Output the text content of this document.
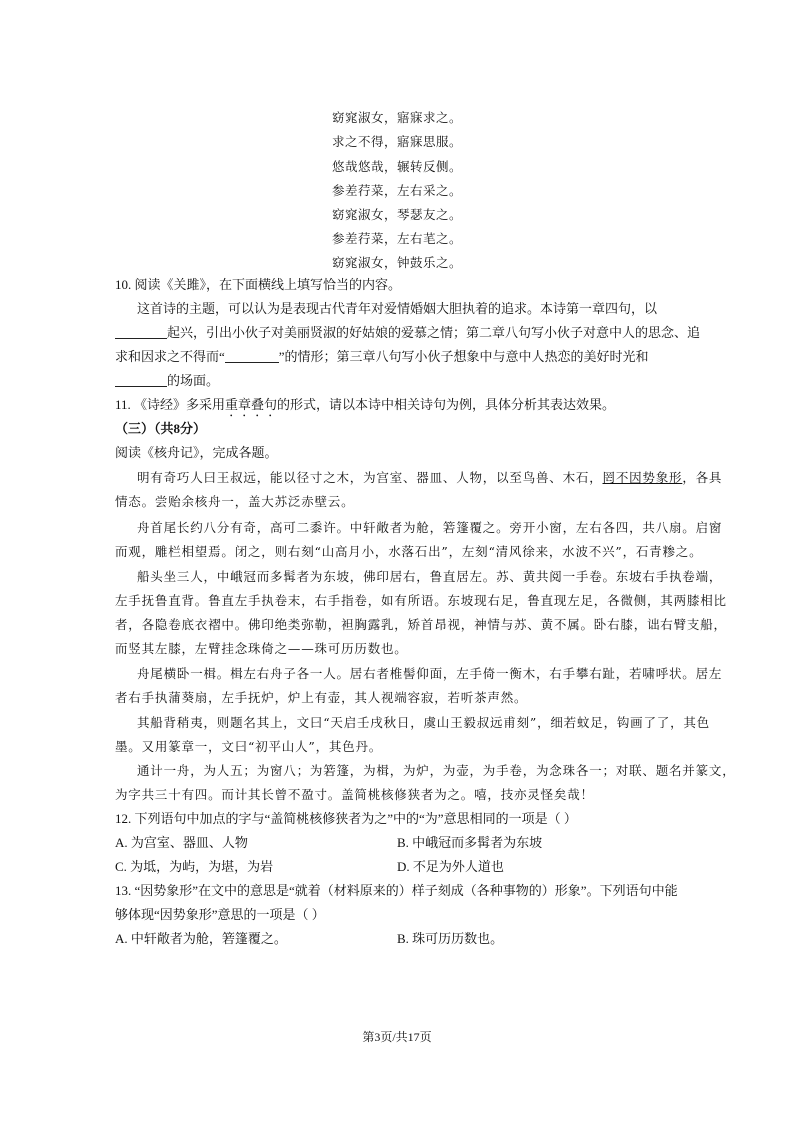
窈窕淑女，寤寐求之。
求之不得，寤寐思服。
悠哉悠哉，辗转反侧。
参差荇菜，左右采之。
窈窕淑女，琴瑟友之。
参差荇菜，左右芼之。
窈窕淑女，钟鼓乐之。
10. 阅读《关雎》，在下面横线上填写恰当的内容。
这首诗的主题，可以认为是表现古代青年对爱情婚姻大胆执着的追求。本诗第一章四句，以
起兴，引出小伙子对美丽贤淑的好姑娘的爱慕之情；第二章八句写小伙子对意中人的思念、追
求和因求之不得而“	”的情形；第三章八句写小伙子想象中与意中人热恋的美好时光和
的场面。
11. 《诗经》多采用重章叠句的形式，请以本诗中相关诗句为例，具体分析其表达效果。
（三）（共8分）
阅读《核舟记》，完成各题。
明有奇巧人曰王叔远，能以径寸之木，为宫室、器皿、人物，以至鸟兽、木石，罔不因势象形，各具
情态。尝贻余核舟一，盖大苏泛赤壁云。
舟首尾长约八分有奇，高可二黍许。中轩敞者为舱，箬篷覆之。旁开小窗，左右各四，共八扇。启窗
而观，雕栏相望焉。闭之，则右刻“山高月小，水落石出”，左刻“清风徐来，水波不兴”，石青糁之。
船头坐三人，中峨冠而多髯者为东坡，佛印居右，鲁直居左。苏、黄共阅一手卷。东坡右手执卷端，
左手抚鲁直背。鲁直左手执卷末，右手指卷，如有所语。东坡现右足，鲁直现左足，各微侧，其两膝相比
者，各隐卷底衣褶中。佛印绝类弥勒，袒胸露乳，矫首昂视，神情与苏、黄不属。卧右膝，诎右臂支船，
而竖其左膝，左臂挂念珠倚之——珠可历历数也。
舟尾横卧一楫。楫左右舟子各一人。居右者椎髻仰面，左手倚一衡木，右手攀右趾，若啸呼状。居左
者右手执蒲葵扇，左手抚炉，炉上有壶，其人视端容寂，若听茶声然。
其船背稍夷，则题名其上，文曰“天启壬戌秋日，虞山王毅叔远甫刻”，细若蚊足，钩画了了，其色
墨。又用篆章一，文曰“初平山人”，其色丹。
通计一舟，为人五；为窗八；为箬篷，为楫，为炉，为壶，为手卷，为念珠各一；对联、题名并篆文，
为字共三十有四。而计其长曾不盈寸。盖简桃核修狭者为之。嘻，技亦灵怪矣哉！
12. 下列语句中加点的字与“盖简桃核修狭者为之”中的“为”意思相同的一项是（ ）
A. 为宫室、器皿、人物	B. 中峨冠而多髯者为东坡
C. 为坻，为屿，为堪，为岩	D. 不足为外人道也
13. “因势象形”在文中的意思是“就着（材料原来的）样子刻成（各种事物的）形象”。下列语句中能
够体现“因势象形”意思的一项是（ ）
A. 中轩敞者为舱，箬篷覆之。	B. 珠可历历数也。
第3页/共17页
